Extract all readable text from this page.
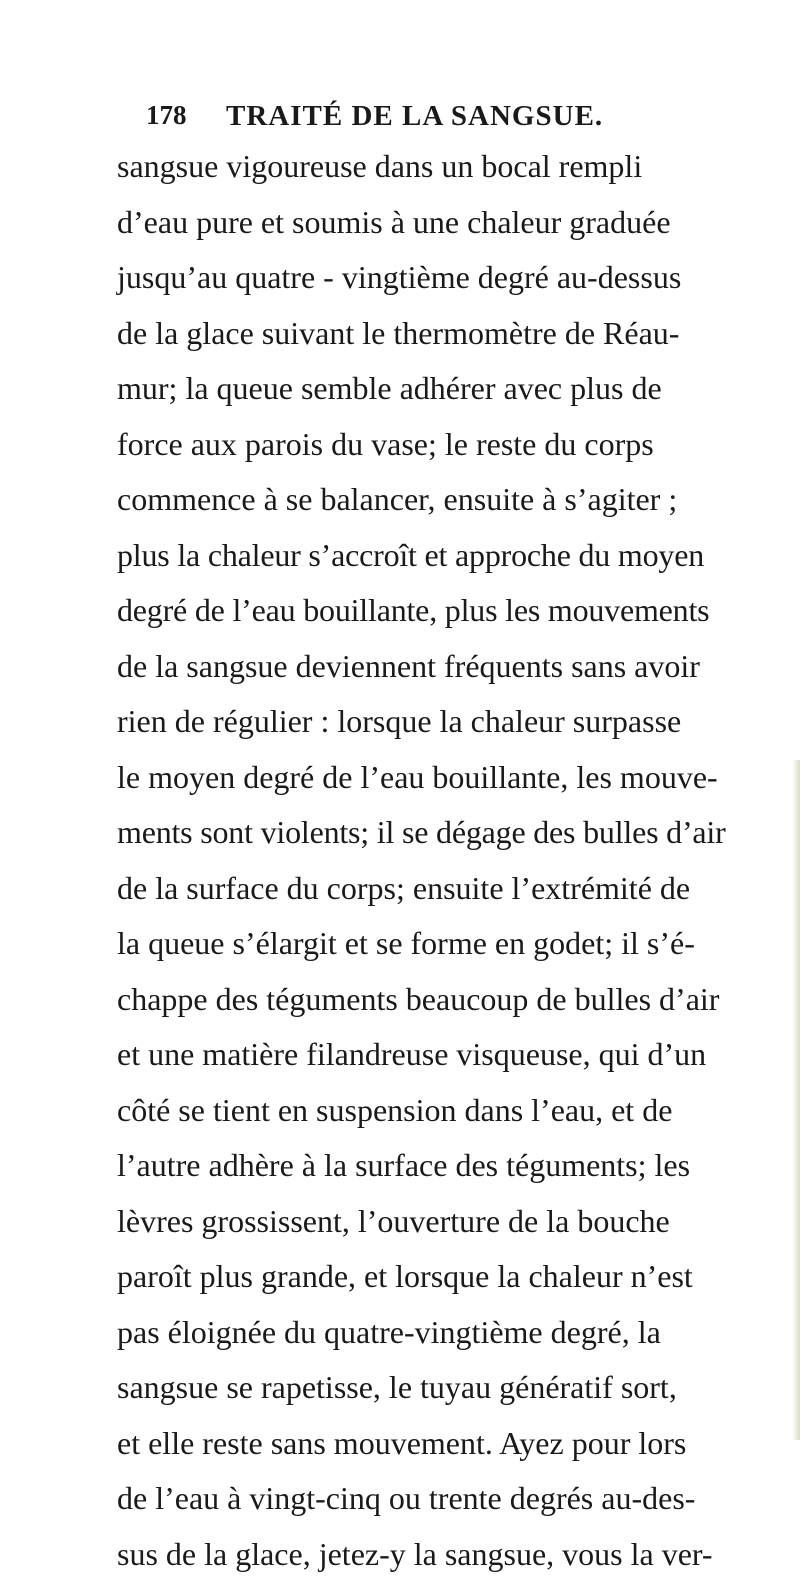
178 TRAITÉ DE LA SANGSUE.
sangsue vigoureuse dans un bocal rempli
d’eau pure et soumis à une chaleur graduée
jusqu’au quatre - vingtième degré au-dessus
de la glace suivant le thermomètre de Réau-
mur; la queue semble adhérer avec plus de
force aux parois du vase; le reste du corps
commence à se balancer, ensuite à s’agiter ;
plus la chaleur s’accroît et approche du moyen
degré de l’eau bouillante, plus les mouvements
de la sangsue deviennent fréquents sans avoir
rien de régulier : lorsque la chaleur surpasse
le moyen degré de l’eau bouillante, les mouve-
ments sont violents; il se dégage des bulles d’air
de la surface du corps; ensuite l’extrémité de
la queue s’élargit et se forme en godet; il s’é-
chappe des téguments beaucoup de bulles d’air
et une matière filandreuse visqueuse, qui d’un
côté se tient en suspension dans l’eau, et de
l’autre adhère à la surface des téguments; les
lèvres grossissent, l’ouverture de la bouche
paroît plus grande, et lorsque la chaleur n’est
pas éloignée du quatre-vingtième degré, la
sangsue se rapetisse, le tuyau génératif sort,
et elle reste sans mouvement. Ayez pour lors
de l’eau à vingt-cinq ou trente degrés au-des-
sus de la glace, jetez-y la sangsue, vous la ver-
